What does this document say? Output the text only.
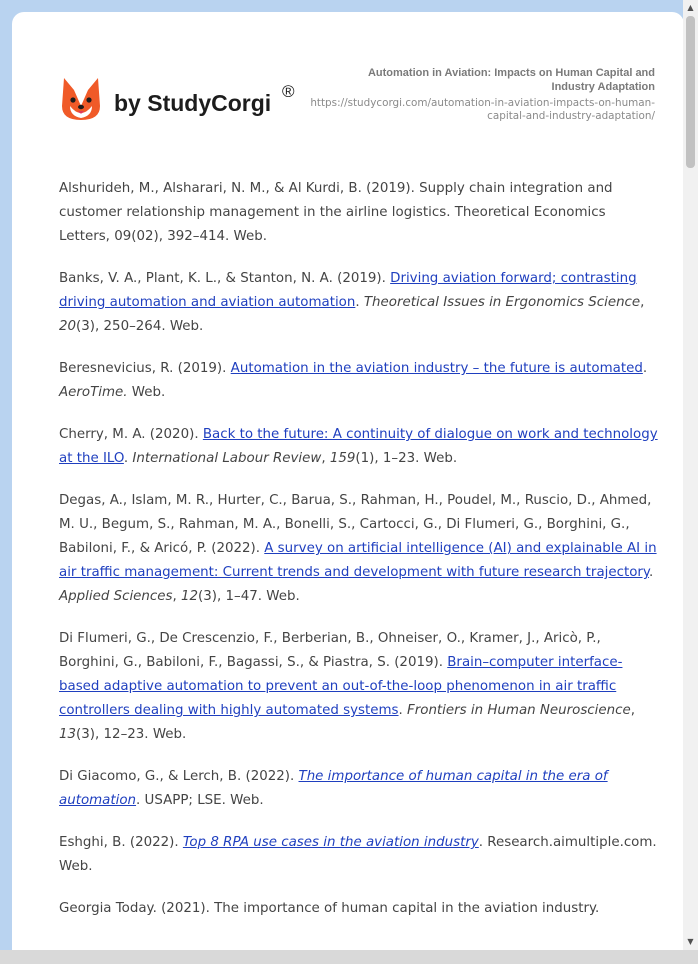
by StudyCorgi ®
Automation in Aviation: Impacts on Human Capital and Industry Adaptation
https://studycorgi.com/automation-in-aviation-impacts-on-human-capital-and-industry-adaptation/

Alshurideh, M., Alsharari, N. M., & Al Kurdi, B. (2019). Supply chain integration and customer relationship management in the airline logistics. Theoretical Economics Letters, 09(02), 392–414. Web.

Banks, V. A., Plant, K. L., & Stanton, N. A. (2019). Driving aviation forward; contrasting driving automation and aviation automation. Theoretical Issues in Ergonomics Science, 20(3), 250–264. Web.

Beresnevicius, R. (2019). Automation in the aviation industry – the future is automated. AeroTime. Web.

Cherry, M. A. (2020). Back to the future: A continuity of dialogue on work and technology at the ILO. International Labour Review, 159(1), 1–23. Web.

Degas, A., Islam, M. R., Hurter, C., Barua, S., Rahman, H., Poudel, M., Ruscio, D., Ahmed, M. U., Begum, S., Rahman, M. A., Bonelli, S., Cartocci, G., Di Flumeri, G., Borghini, G., Babiloni, F., & Aricó, P. (2022). A survey on artificial intelligence (AI) and explainable AI in air traffic management: Current trends and development with future research trajectory. Applied Sciences, 12(3), 1–47. Web.

Di Flumeri, G., De Crescenzio, F., Berberian, B., Ohneiser, O., Kramer, J., Aricò, P., Borghini, G., Babiloni, F., Bagassi, S., & Piastra, S. (2019). Brain–computer interface-based adaptive automation to prevent an out-of-the-loop phenomenon in air traffic controllers dealing with highly automated systems. Frontiers in Human Neuroscience, 13(3), 12–23. Web.

Di Giacomo, G., & Lerch, B. (2022). The importance of human capital in the era of automation. USAPP; LSE. Web.

Eshghi, B. (2022). Top 8 RPA use cases in the aviation industry. Research.aimultiple.com. Web.

Georgia Today. (2021). The importance of human capital in the aviation industry.

▲
▼
